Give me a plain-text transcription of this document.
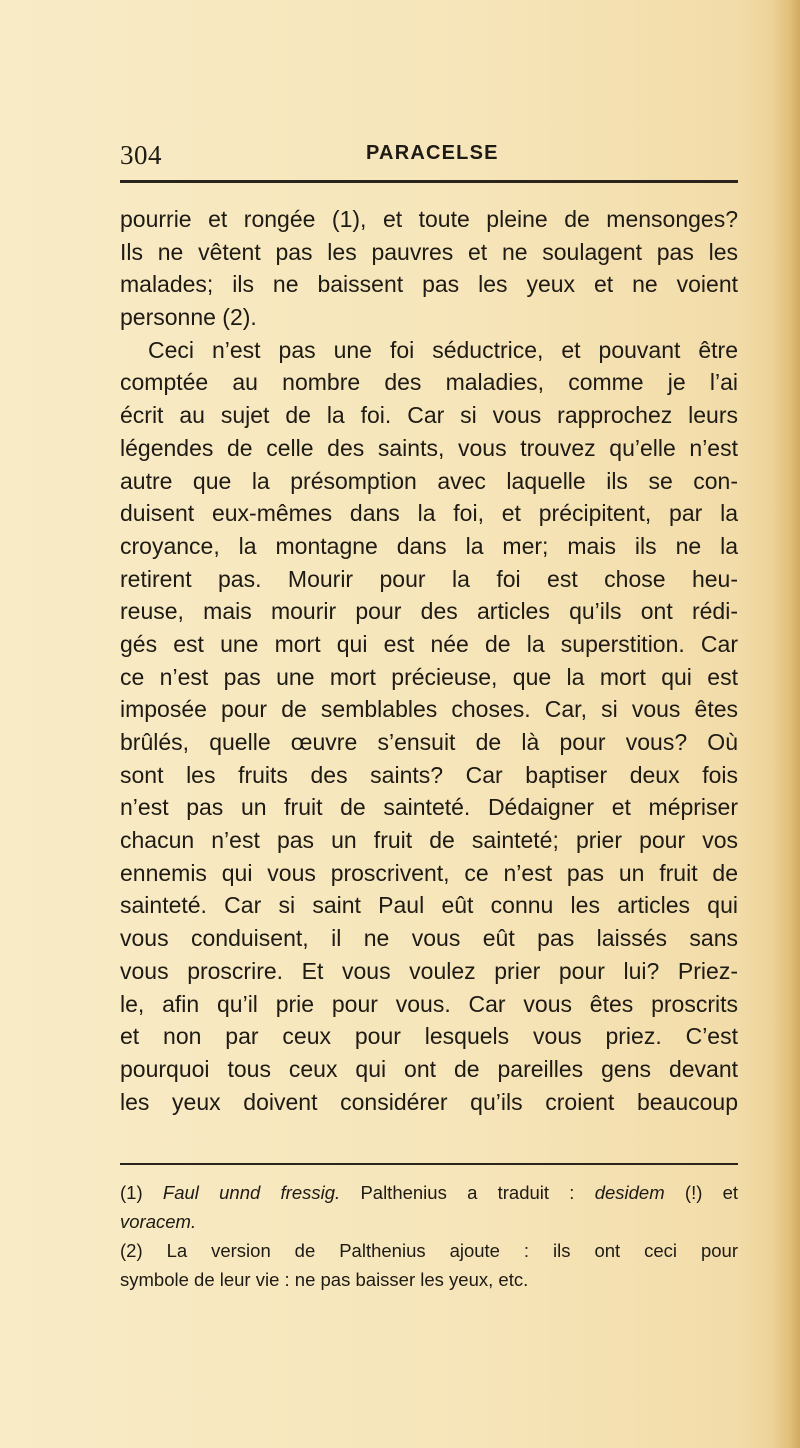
304	PARACELSE
pourrie et rongée (1), et toute pleine de mensonges?
Ils ne vêtent pas les pauvres et ne soulagent pas les
malades; ils ne baissent pas les yeux et ne voient
personne (2).
Ceci n’est pas une foi séductrice, et pouvant être
comptée au nombre des maladies, comme je l’ai
écrit au sujet de la foi. Car si vous rapprochez leurs
légendes de celle des saints, vous trouvez qu’elle n’est
autre que la présomption avec laquelle ils se con-
duisent eux-mêmes dans la foi, et précipitent, par la
croyance, la montagne dans la mer; mais ils ne la
retirent pas. Mourir pour la foi est chose heu-
reuse, mais mourir pour des articles qu’ils ont rédi-
gés est une mort qui est née de la superstition. Car
ce n’est pas une mort précieuse, que la mort qui est
imposée pour de semblables choses. Car, si vous êtes
brûlés, quelle œuvre s’ensuit de là pour vous? Où
sont les fruits des saints? Car baptiser deux fois
n’est pas un fruit de sainteté. Dédaigner et mépriser
chacun n’est pas un fruit de sainteté; prier pour vos
ennemis qui vous proscrivent, ce n’est pas un fruit de
sainteté. Car si saint Paul eût connu les articles qui
vous conduisent, il ne vous eût pas laissés sans
vous proscrire. Et vous voulez prier pour lui? Priez-
le, afin qu’il prie pour vous. Car vous êtes proscrits
et non par ceux pour lesquels vous priez. C’est
pourquoi tous ceux qui ont de pareilles gens devant
les yeux doivent considérer qu’ils croient beaucoup
(1) Faul unnd fressig. Palthenius a traduit : desidem (!) et
voracem.
(2) La version de Palthenius ajoute : ils ont ceci pour
symbole de leur vie : ne pas baisser les yeux, etc.
